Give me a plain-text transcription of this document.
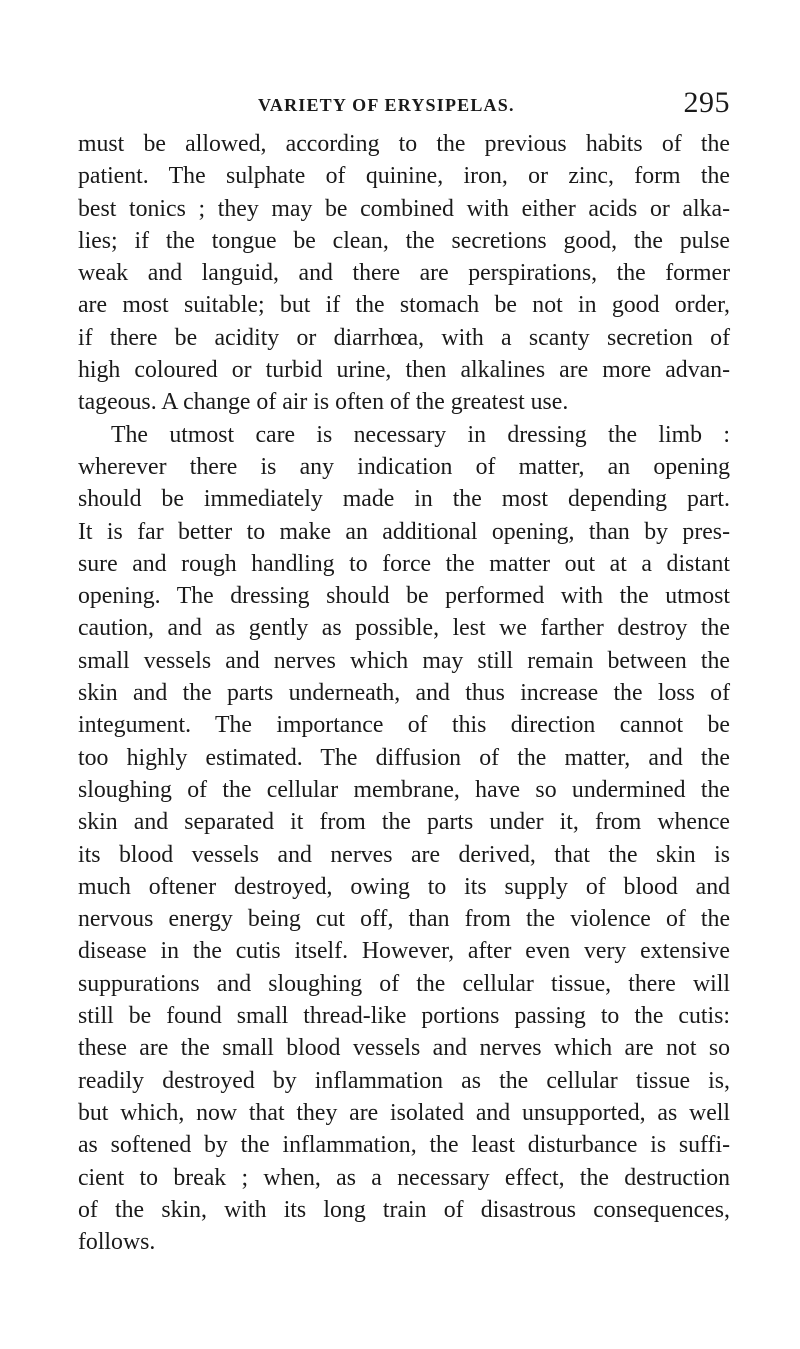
VARIETY OF ERYSIPELAS.	295
must be allowed, according to the previous habits of the
patient. The sulphate of quinine, iron, or zinc, form the
best tonics ; they may be combined with either acids or alka-
lies; if the tongue be clean, the secretions good, the pulse
weak and languid, and there are perspirations, the former
are most suitable; but if the stomach be not in good order,
if there be acidity or diarrhœa, with a scanty secretion of
high coloured or turbid urine, then alkalines are more advan-
tageous. A change of air is often of the greatest use.
The utmost care is necessary in dressing the limb :
wherever there is any indication of matter, an opening
should be immediately made in the most depending part.
It is far better to make an additional opening, than by pres-
sure and rough handling to force the matter out at a distant
opening. The dressing should be performed with the utmost
caution, and as gently as possible, lest we farther destroy the
small vessels and nerves which may still remain between the
skin and the parts underneath, and thus increase the loss of
integument. The importance of this direction cannot be
too highly estimated. The diffusion of the matter, and the
sloughing of the cellular membrane, have so undermined the
skin and separated it from the parts under it, from whence
its blood vessels and nerves are derived, that the skin is
much oftener destroyed, owing to its supply of blood and
nervous energy being cut off, than from the violence of the
disease in the cutis itself. However, after even very extensive
suppurations and sloughing of the cellular tissue, there will
still be found small thread-like portions passing to the cutis:
these are the small blood vessels and nerves which are not so
readily destroyed by inflammation as the cellular tissue is,
but which, now that they are isolated and unsupported, as well
as softened by the inflammation, the least disturbance is suffi-
cient to break ; when, as a necessary effect, the destruction
of the skin, with its long train of disastrous consequences,
follows.
